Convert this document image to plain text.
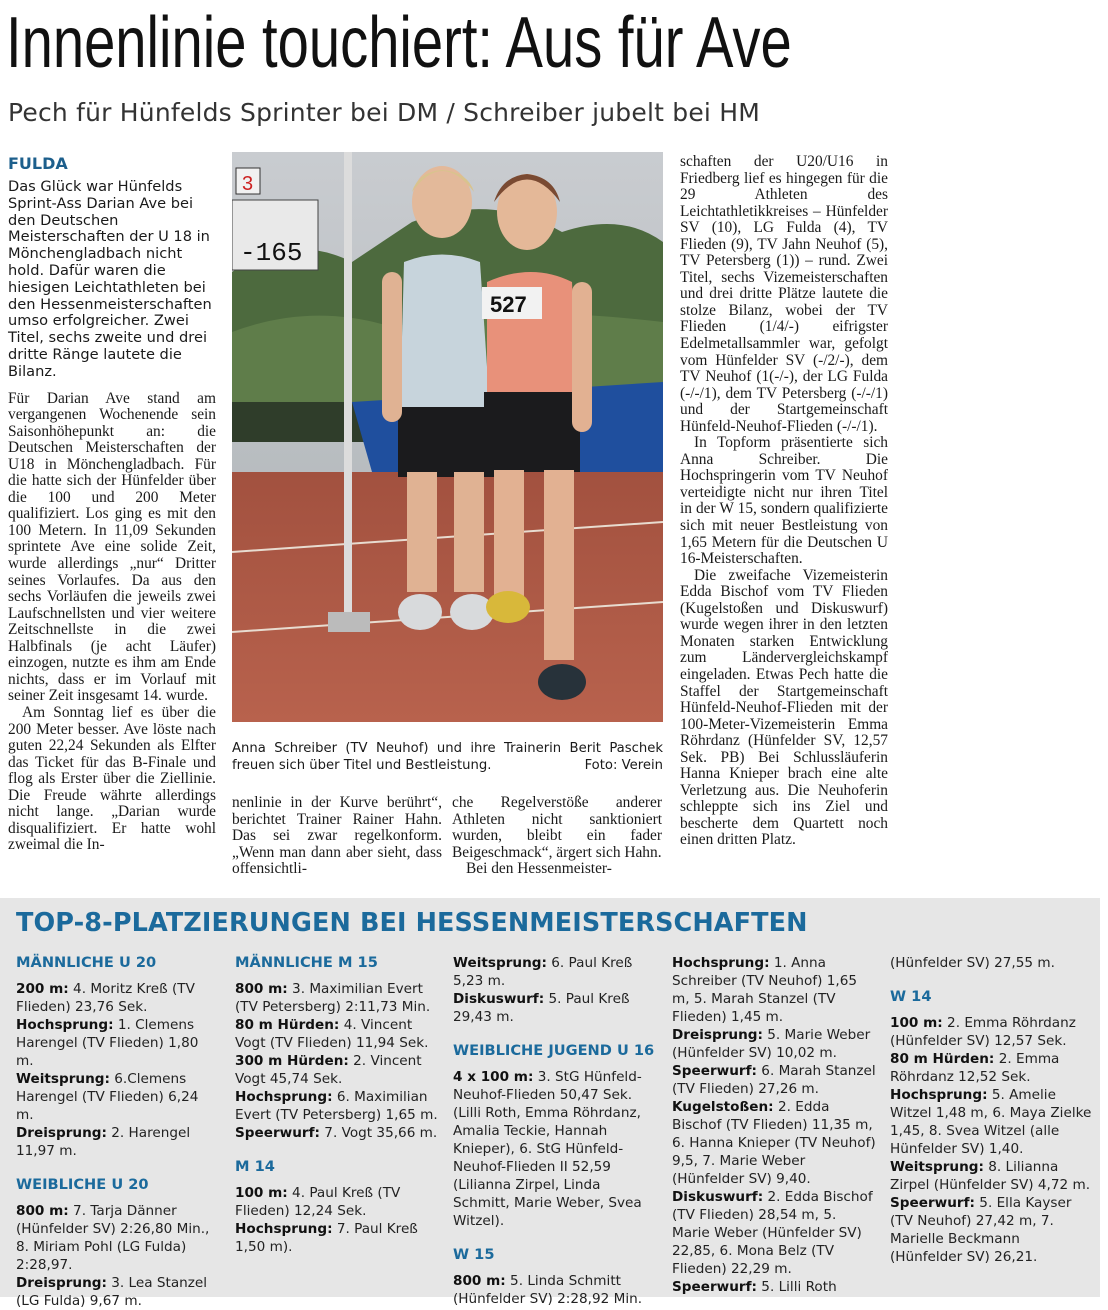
Innenlinie touchiert: Aus für Ave
Pech für Hünfelds Sprinter bei DM / Schreiber jubelt bei HM
FULDA
Das Glück war Hünfelds Sprint-Ass Darian Ave bei den Deutschen Meisterschaften der U 18 in Mönchengladbach nicht hold. Dafür waren die hiesigen Leichtathleten bei den Hessenmeisterschaften umso erfolgreicher. Zwei Titel, sechs zweite und drei dritte Ränge lautete die Bilanz.

Für Darian Ave stand am vergangenen Wochenende sein Saisonhöhepunkt an: die Deutschen Meisterschaften der U18 in Mönchengladbach. Für die hatte sich der Hünfelder über die 100 und 200 Meter qualifiziert. Los ging es mit den 100 Metern. In 11,09 Sekunden sprintete Ave eine solide Zeit, wurde allerdings „nur“ Dritter seines Vorlaufes. Da aus den sechs Vorläufen die jeweils zwei Laufschnellsten und vier weitere Zeitschnellste in die zwei Halbfinals (je acht Läufer) einzogen, nutzte es ihm am Ende nichts, dass er im Vorlauf mit seiner Zeit insgesamt 14. wurde.

Am Sonntag lief es über die 200 Meter besser. Ave löste nach guten 22,24 Sekunden als Elfter das Ticket für das B-Finale und flog als Erster über die Ziellinie. Die Freude währte allerdings nicht lange. „Darian wurde disqualifiziert. Er hatte wohl zweimal die In-

3
-165
527
Anna Schreiber (TV Neuhof) und ihre Trainerin Berit Paschek freuen sich über Titel und Bestleistung.	Foto: Verein

nenlinie in der Kurve berührt“, berichtet Trainer Rainer Hahn. Das sei zwar regelkonform. „Wenn man dann aber sieht, dass offensichtli-

che Regelverstöße anderer Athleten nicht sanktioniert wurden, bleibt ein fader Beigeschmack“, ärgert sich Hahn.

Bei den Hessenmeister-

schaften der U20/U16 in Friedberg lief es hingegen für die 29 Athleten des Leichtathletikkreises – Hünfelder SV (10), LG Fulda (4), TV Flieden (9), TV Jahn Neuhof (5), TV Petersberg (1)) – rund. Zwei Titel, sechs Vizemeisterschaften und drei dritte Plätze lautete die stolze Bilanz, wobei der TV Flieden (1/4/-) eifrigster Edelmetallsammler war, gefolgt vom Hünfelder SV (-/2/-), dem TV Neuhof (1(-/-), der LG Fulda (-/-/1), dem TV Petersberg (-/-/1) und der Startgemeinschaft Hünfeld-Neuhof-Flieden (-/-/1).

In Topform präsentierte sich Anna Schreiber. Die Hochspringerin vom TV Neuhof verteidigte nicht nur ihren Titel in der W 15, sondern qualifizierte sich mit neuer Bestleistung von 1,65 Metern für die Deutschen U 16-Meisterschaften.

Die zweifache Vizemeisterin Edda Bischof vom TV Flieden (Kugelstoßen und Diskuswurf) wurde wegen ihrer in den letzten Monaten starken Entwicklung zum Ländervergleichskampf eingeladen. Etwas Pech hatte die Staffel der Startgemeinschaft Hünfeld-Neuhof-Flieden mit der 100-Meter-Vizemeisterin Emma Röhrdanz (Hünfelder SV, 12,57 Sek. PB) Bei Schlussläuferin Hanna Knieper brach eine alte Verletzung aus. Die Neuhoferin schleppte sich ins Ziel und bescherte dem Quartett noch einen dritten Platz.

TOP-8-PLATZIERUNGEN BEI HESSENMEISTERSCHAFTEN
MÄNNLICHE U 20
200 m: 4. Moritz Kreß (TV Flieden) 23,76 Sek.
Hochsprung: 1. Clemens Harengel (TV Flieden) 1,80 m.
Weitsprung: 6.Clemens Harengel (TV Flieden) 6,24 m.
Dreisprung: 2. Harengel 11,97 m.
WEIBLICHE U 20
800 m: 7. Tarja Dänner (Hünfelder SV) 2:26,80 Min., 8. Miriam Pohl (LG Fulda) 2:28,97.
Dreisprung: 3. Lea Stanzel (LG Fulda) 9,67 m.
MÄNNLICHE M 15
800 m: 3. Maximilian Evert (TV Petersberg) 2:11,73 Min.
80 m Hürden: 4. Vincent Vogt (TV Flieden) 11,94 Sek.
300 m Hürden: 2. Vincent Vogt 45,74 Sek.
Hochsprung: 6. Maximilian Evert (TV Petersberg) 1,65 m.
Speerwurf: 7. Vogt 35,66 m.
M 14
100 m: 4. Paul Kreß (TV Flieden) 12,24 Sek.
Hochsprung: 7. Paul Kreß 1,50 m).
Weitsprung: 6. Paul Kreß 5,23 m.
Diskuswurf: 5. Paul Kreß 29,43 m.
WEIBLICHE JUGEND U 16
4 x 100 m: 3. StG Hünfeld-Neuhof-Flieden 50,47 Sek. (Lilli Roth, Emma Röhrdanz, Amalia Teckie, Hannah Knieper), 6. StG Hünfeld-Neuhof-Flieden II 52,59 (Lilianna Zirpel, Linda Schmitt, Marie Weber, Svea Witzel).
W 15
800 m: 5. Linda Schmitt (Hünfelder SV) 2:28,92 Min.
Hochsprung: 1. Anna Schreiber (TV Neuhof) 1,65 m, 5. Marah Stanzel (TV Flieden) 1,45 m.
Dreisprung: 5. Marie Weber (Hünfelder SV) 10,02 m.
Speerwurf: 6. Marah Stanzel (TV Flieden) 27,26 m.
Kugelstoßen: 2. Edda Bischof (TV Flieden) 11,35 m, 6. Hanna Knieper (TV Neuhof) 9,5, 7. Marie Weber (Hünfelder SV) 9,40.
Diskuswurf: 2. Edda Bischof (TV Flieden) 28,54 m, 5. Marie Weber (Hünfelder SV) 22,85, 6. Mona Belz (TV Flieden) 22,29 m.
Speerwurf: 5. Lilli Roth
(Hünfelder SV) 27,55 m.
W 14
100 m: 2. Emma Röhrdanz (Hünfelder SV) 12,57 Sek.
80 m Hürden: 2. Emma Röhrdanz 12,52 Sek.
Hochsprung: 5. Amelie Witzel 1,48 m, 6. Maya Zielke 1,45, 8. Svea Witzel (alle Hünfelder SV) 1,40.
Weitsprung: 8. Lilianna Zirpel (Hünfelder SV) 4,72 m.
Speerwurf: 5. Ella Kayser (TV Neuhof) 27,42 m, 7. Marielle Beckmann (Hünfelder SV) 26,21.
